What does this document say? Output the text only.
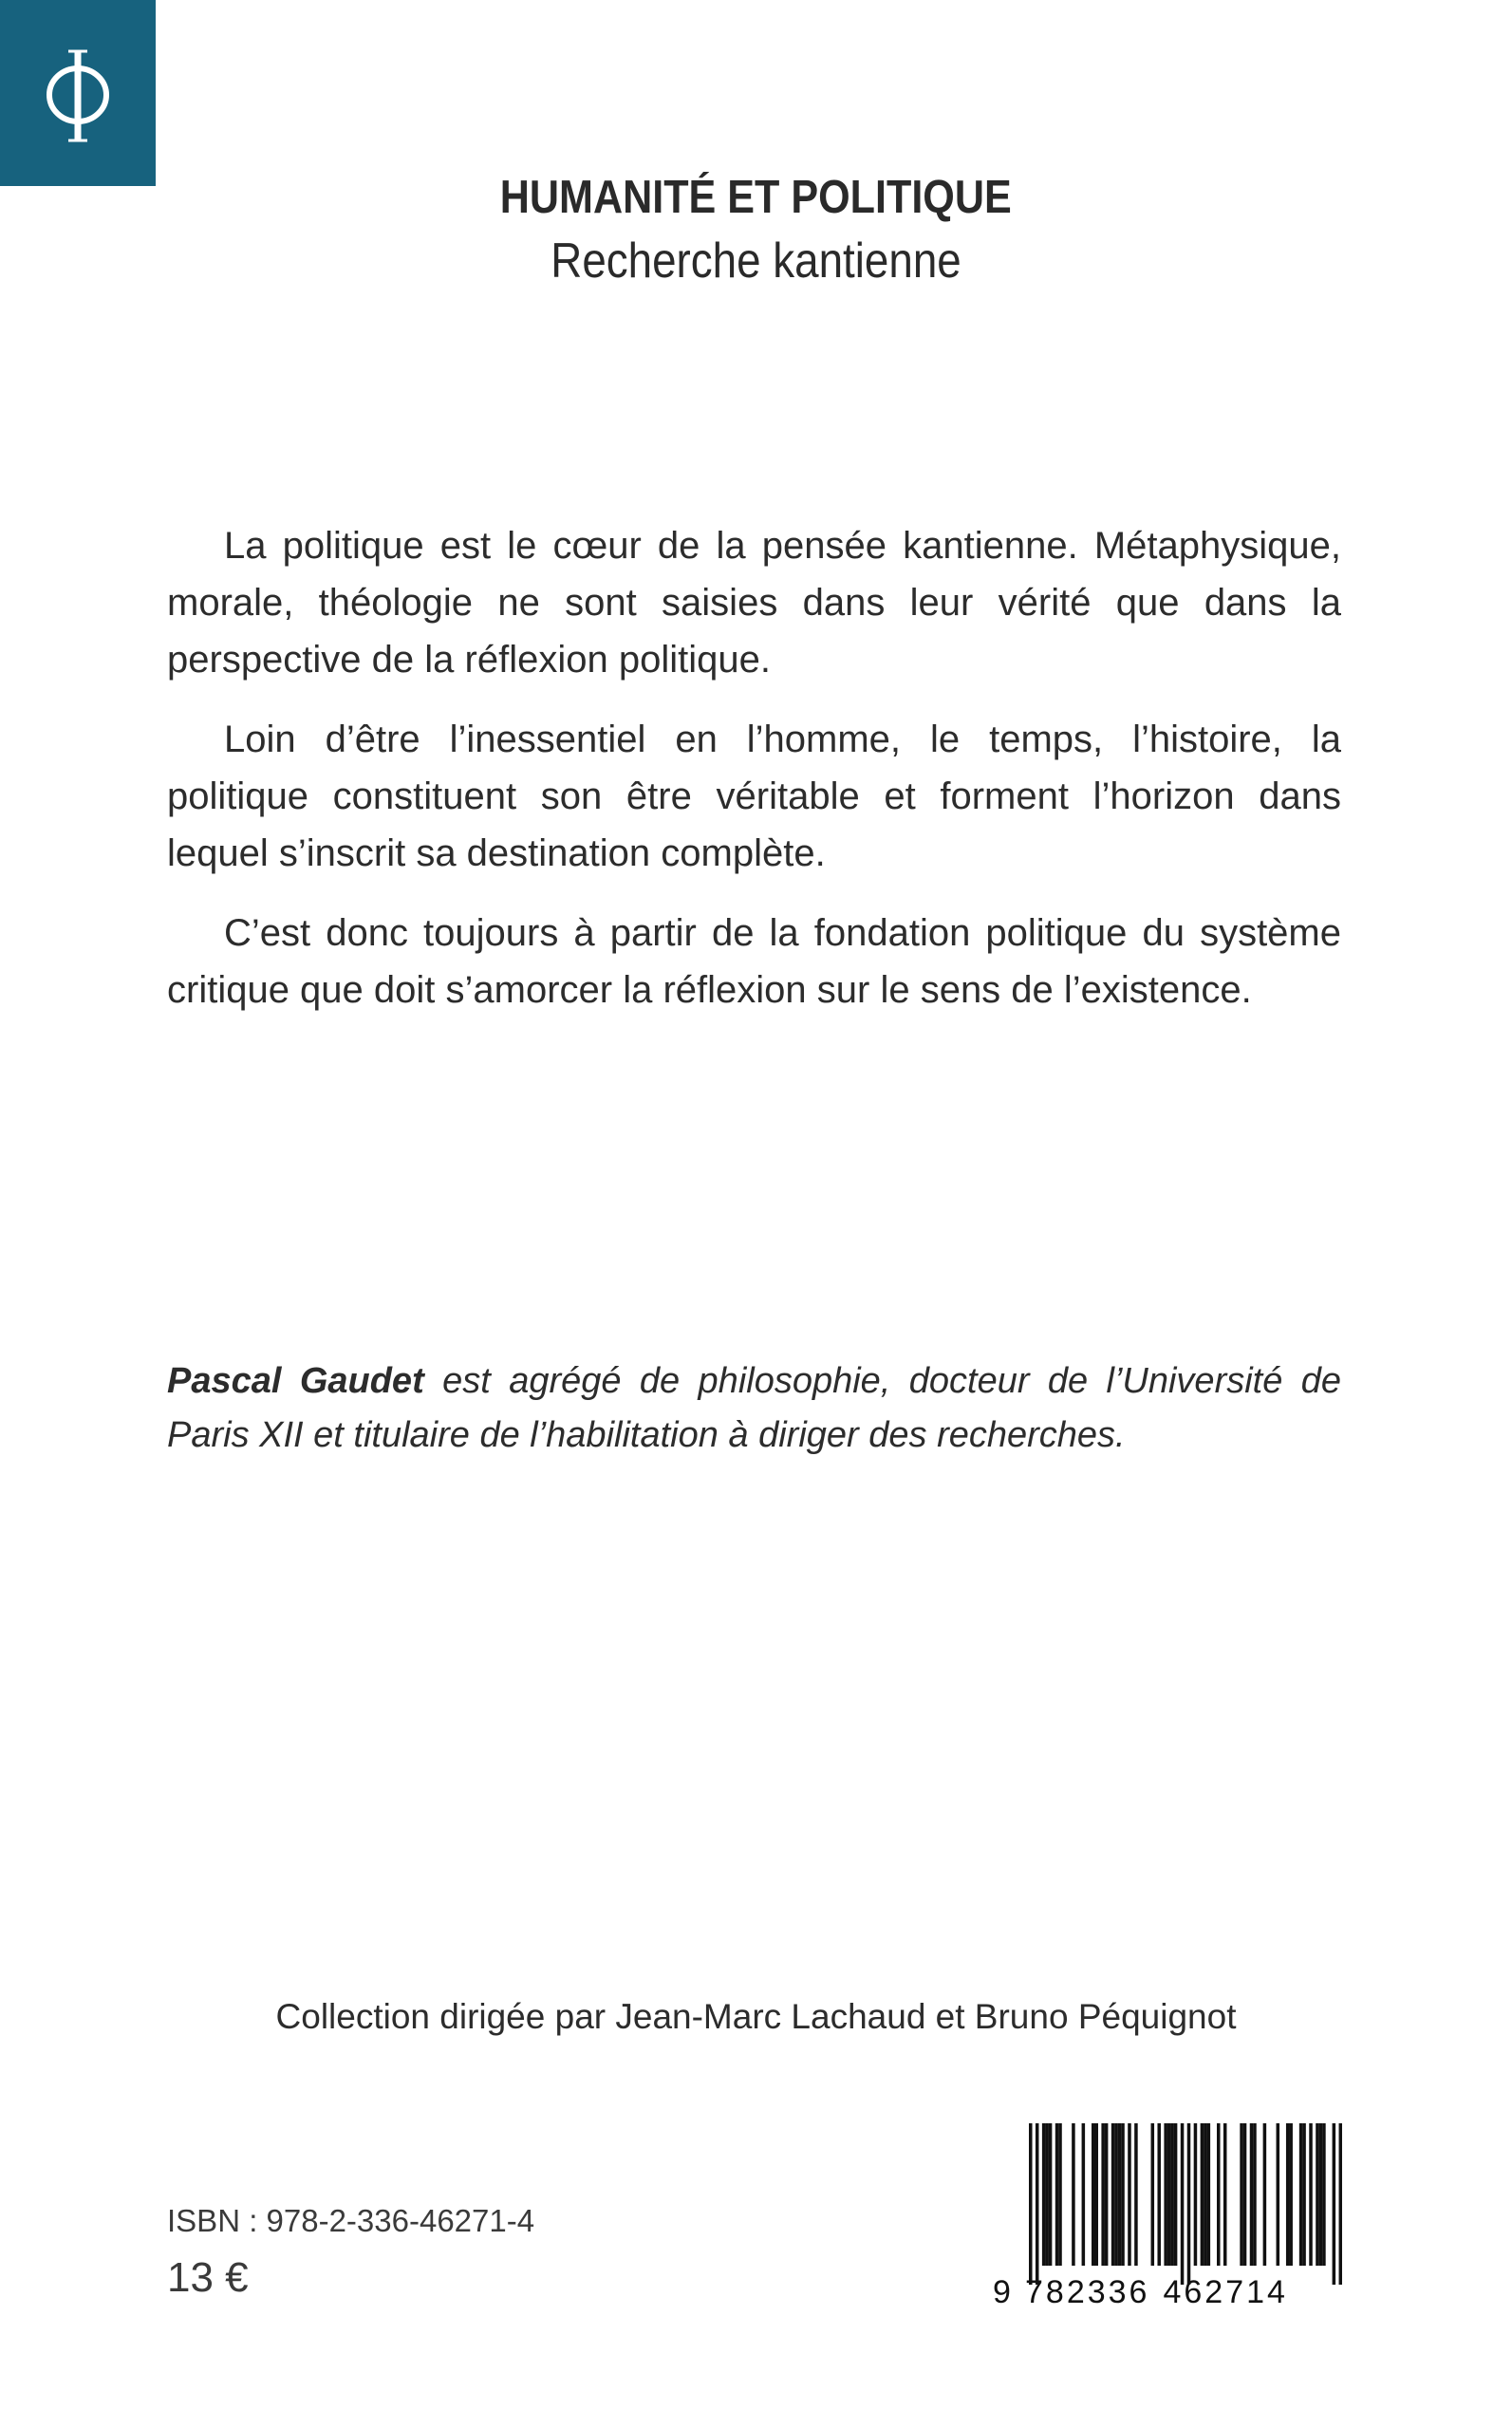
HUMANITÉ ET POLITIQUE
Recherche kantienne

La politique est le cœur de la pensée kantienne. Métaphysique, morale, théologie ne sont saisies dans leur vérité que dans la perspective de la réflexion politique.

Loin d’être l’inessentiel en l’homme, le temps, l’histoire, la politique constituent son être véritable et forment l’horizon dans lequel s’inscrit sa destination complète.

C’est donc toujours à partir de la fondation politique du système critique que doit s’amorcer la réflexion sur le sens de l’existence.

Pascal Gaudet est agrégé de philosophie, docteur de l’Université de Paris XII et titulaire de l’habilitation à diriger des recherches.

Collection dirigée par Jean-Marc Lachaud et Bruno Péquignot
ISBN : 978-2-336-46271-4
13 €	9 782336 462714
